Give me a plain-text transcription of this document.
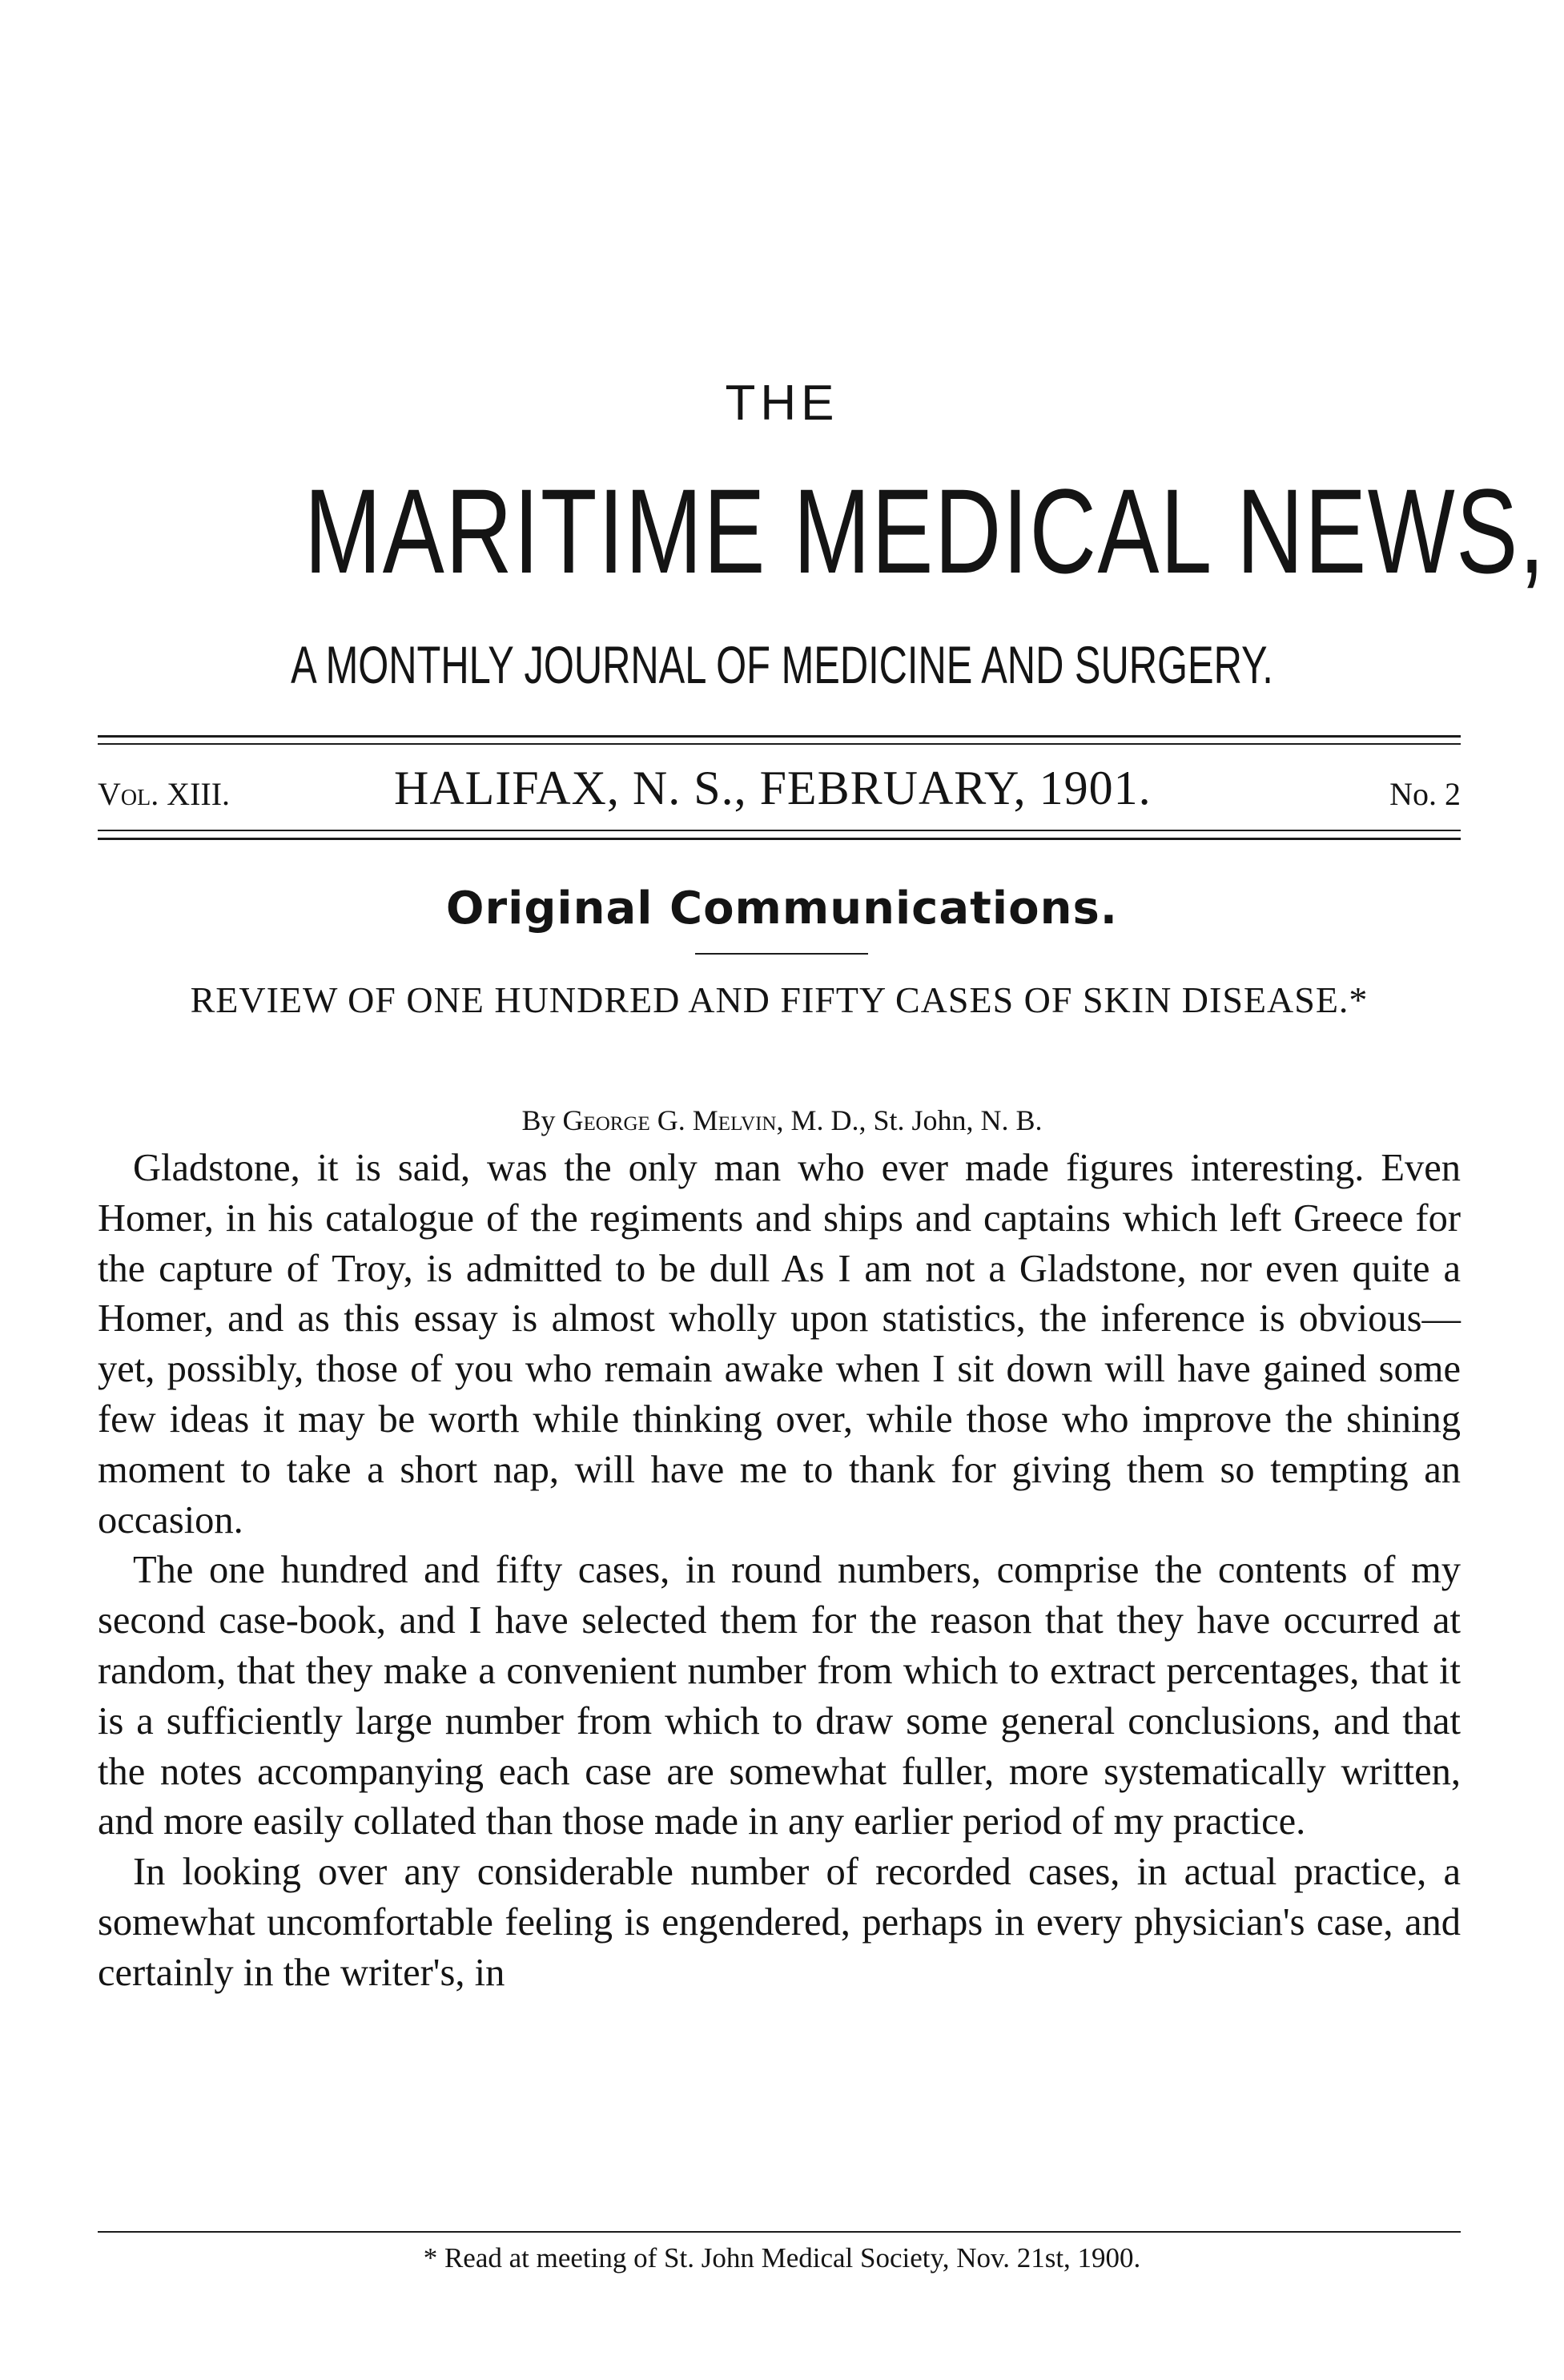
THE
MARITIME MEDICAL NEWS,
A MONTHLY JOURNAL OF MEDICINE AND SURGERY.
Vol. XIII.	HALIFAX, N. S., FEBRUARY, 1901.	No. 2
Original Communications.
REVIEW OF ONE HUNDRED AND FIFTY CASES OF SKIN DISEASE.*
By George G. Melvin, M. D., St. John, N. B.

Gladstone, it is said, was the only man who ever made figures interesting. Even Homer, in his catalogue of the regiments and ships and captains which left Greece for the capture of Troy, is admitted to be dull As I am not a Gladstone, nor even quite a Homer, and as this essay is almost wholly upon statistics, the inference is obvious—yet, possibly, those of you who remain awake when I sit down will have gained some few ideas it may be worth while thinking over, while those who improve the shining moment to take a short nap, will have me to thank for giving them so tempting an occasion.

The one hundred and fifty cases, in round numbers, comprise the contents of my second case-book, and I have selected them for the reason that they have occurred at random, that they make a convenient number from which to extract percentages, that it is a sufficiently large number from which to draw some general conclusions, and that the notes accompanying each case are somewhat fuller, more systematically written, and more easily collated than those made in any earlier period of my practice.

In looking over any considerable number of recorded cases, in actual practice, a somewhat uncomfortable feeling is engendered, perhaps in every physician's case, and certainly in the writer's, in

* Read at meeting of St. John Medical Society, Nov. 21st, 1900.
